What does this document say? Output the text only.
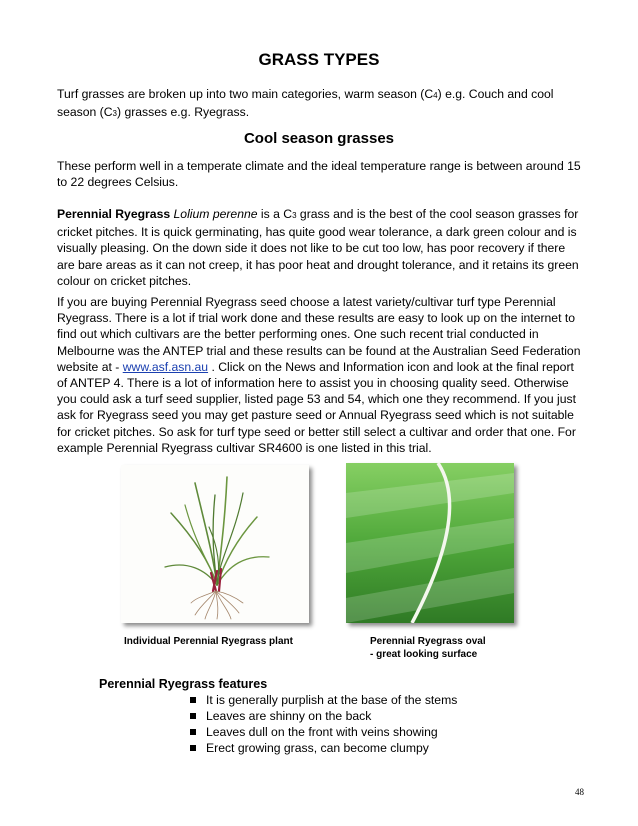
GRASS TYPES

Turf grasses are broken up into two main categories, warm season (C4) e.g. Couch and cool season (C3) grasses e.g. Ryegrass.

Cool season grasses

These perform well in a temperate climate and the ideal temperature range is between around 15 to 22 degrees Celsius.

Perennial Ryegrass Lolium perenne is a C3 grass and is the best of the cool season grasses for cricket pitches. It is quick germinating, has quite good wear tolerance, a dark green colour and is visually pleasing. On the down side it does not like to be cut too low, has poor recovery if there are bare areas as it can not creep, it has poor heat and drought tolerance, and it retains its green colour on cricket pitches.

If you are buying Perennial Ryegrass seed choose a latest variety/cultivar turf type Perennial Ryegrass. There is a lot if trial work done and these results are easy to look up on the internet to find out which cultivars are the better performing ones. One such recent trial conducted in Melbourne was the ANTEP trial and these results can be found at the Australian Seed Federation website at - www.asf.asn.au . Click on the News and Information icon and look at the final report of ANTEP 4. There is a lot of information here to assist you in choosing quality seed. Otherwise you could ask a turf seed supplier, listed page 53 and 54, which one they recommend. If you just ask for Ryegrass seed you may get pasture seed or Annual Ryegrass seed which is not suitable for cricket pitches. So ask for turf type seed or better still select a cultivar and order that one. For example Perennial Ryegrass cultivar SR4600 is one listed in this trial.

Individual Perennial Ryegrass plant	Perennial Ryegrass oval
- great looking surface
Perennial Ryegrass features
It is generally purplish at the base of the stems
Leaves are shinny on the back
Leaves dull on the front with veins showing
Erect growing grass, can become clumpy
48
